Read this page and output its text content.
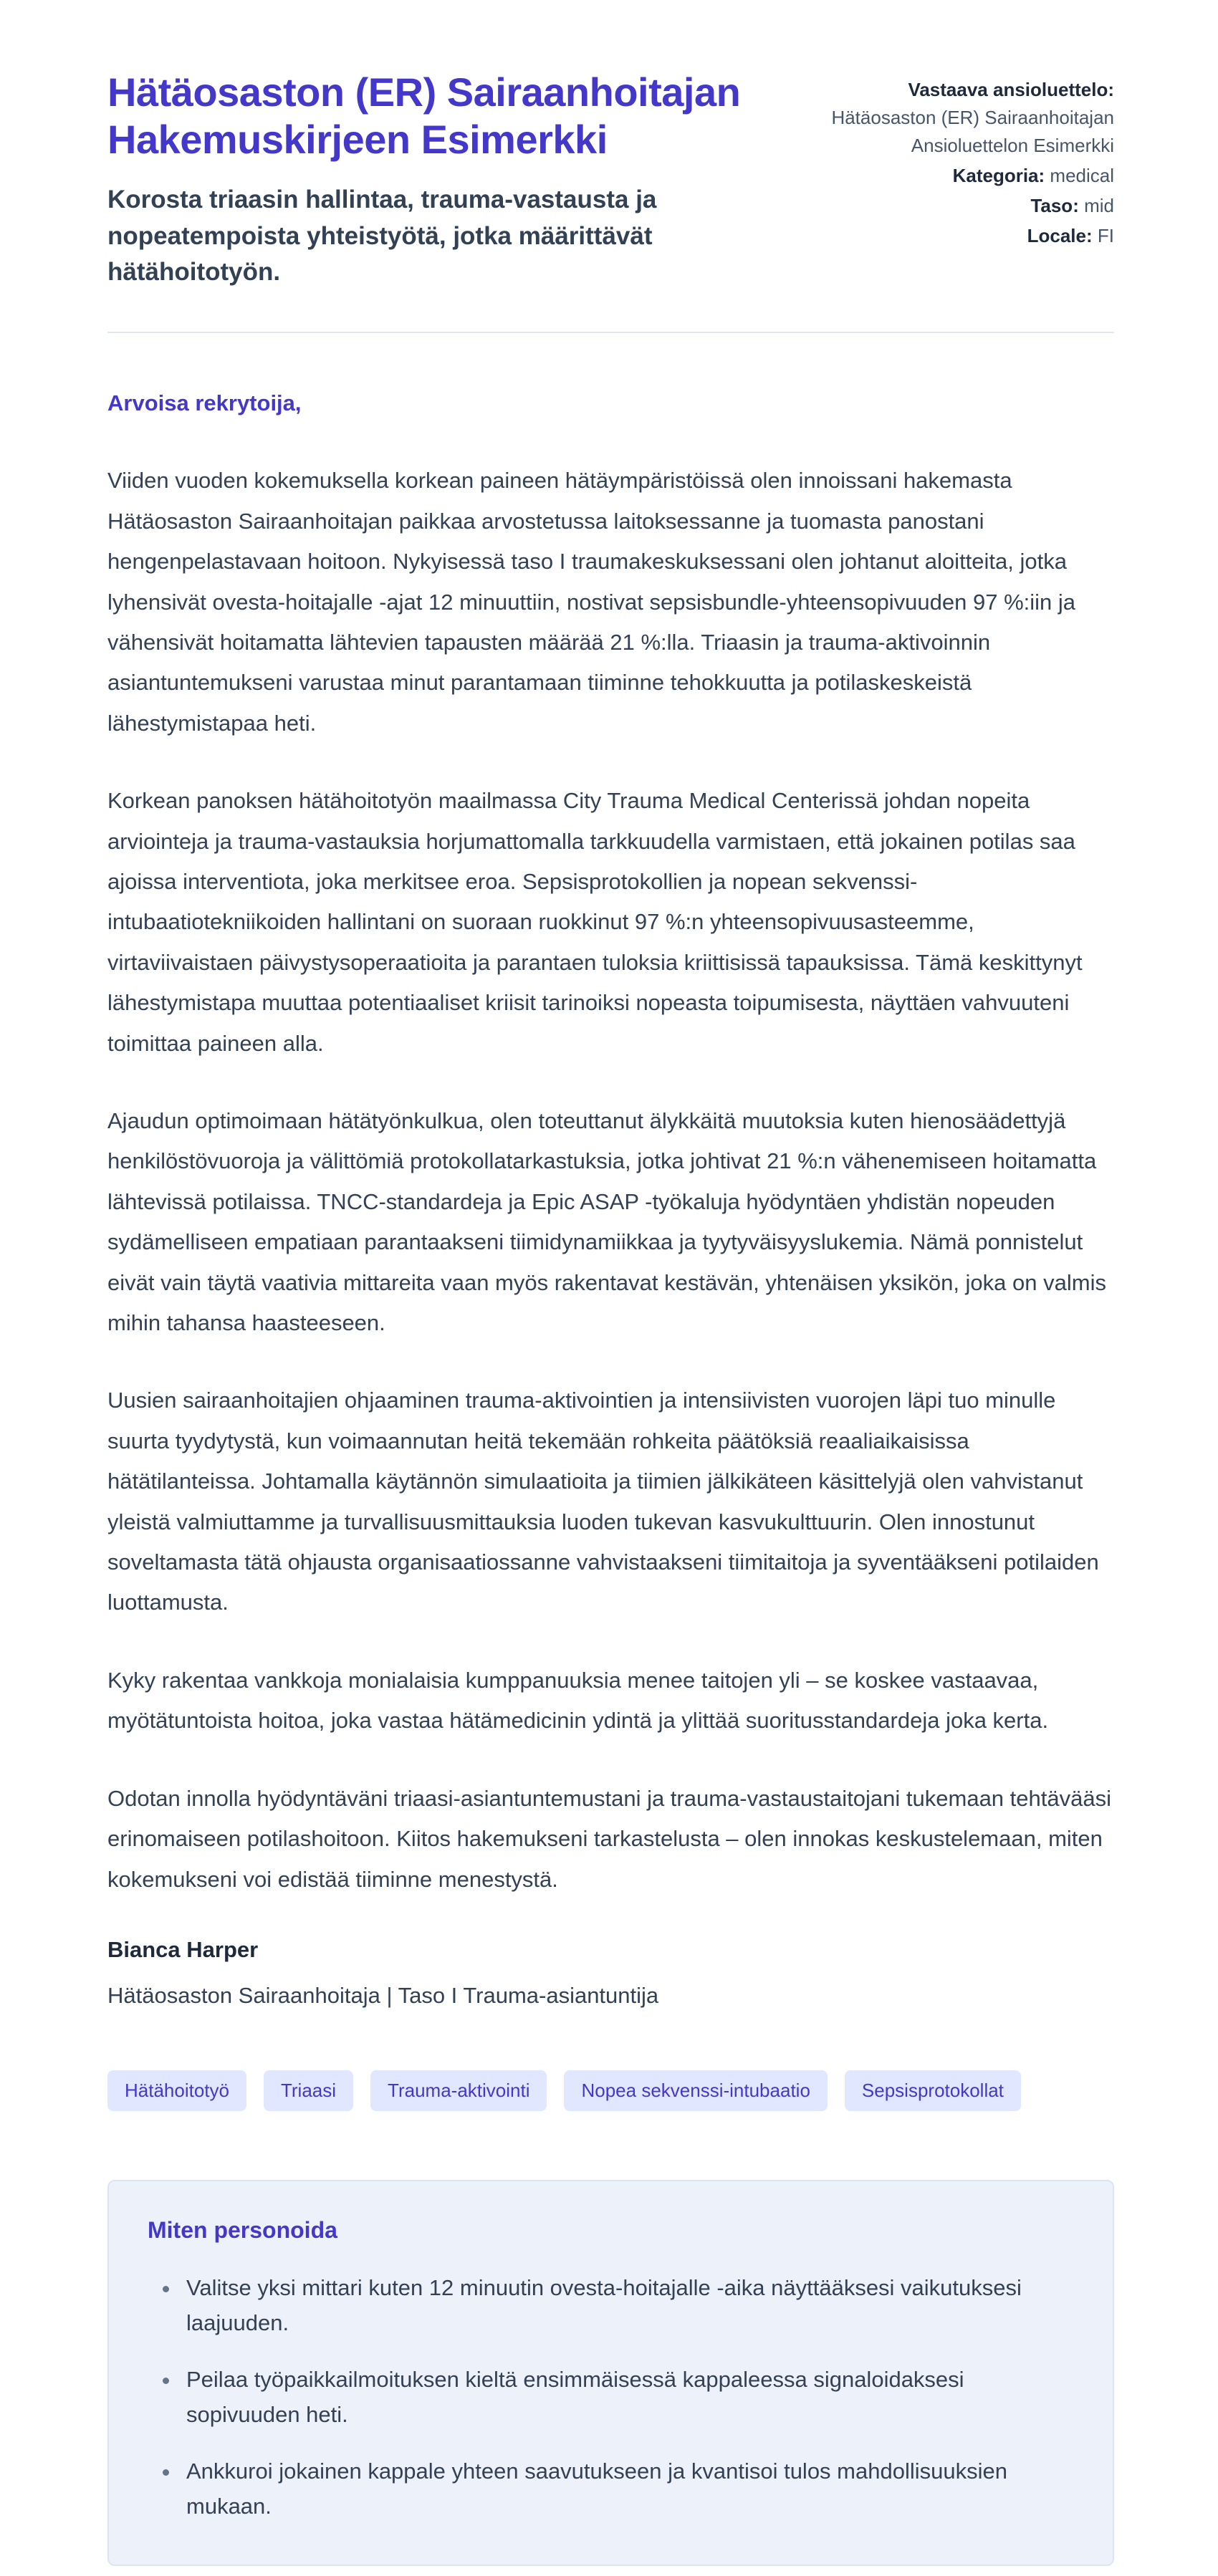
Hätäosaston (ER) Sairaanhoitajan Hakemuskirjeen Esimerkki

Korosta triaasin hallintaa, trauma-vastausta ja nopeatempoista yhteistyötä, jotka määrittävät hätähoitotyön.

Vastaava ansioluettelo: Hätäosaston (ER) Sairaanhoitajan Ansioluettelon Esimerkki
Kategoria: medical
Taso: mid
Locale: FI

Arvoisa rekrytoija,

Viiden vuoden kokemuksella korkean paineen hätäympäristöissä olen innoissani hakemasta Hätäosaston Sairaanhoitajan paikkaa arvostetussa laitoksessanne ja tuomasta panostani hengenpelastavaan hoitoon. Nykyisessä taso I traumakeskuksessani olen johtanut aloitteita, jotka lyhensivät ovesta-hoitajalle -ajat 12 minuuttiin, nostivat sepsisbundle-yhteensopivuuden 97 %:iin ja vähensivät hoitamatta lähtevien tapausten määrää 21 %:lla. Triaasin ja trauma-aktivoinnin asiantuntemukseni varustaa minut parantamaan tiiminne tehokkuutta ja potilaskeskeistä lähestymistapaa heti.

Korkean panoksen hätähoitotyön maailmassa City Trauma Medical Centerissä johdan nopeita arviointeja ja trauma-vastauksia horjumattomalla tarkkuudella varmistaen, että jokainen potilas saa ajoissa interventiota, joka merkitsee eroa. Sepsisprotokollien ja nopean sekvenssi-intubaatiotekniikoiden hallintani on suoraan ruokkinut 97 %:n yhteensopivuusasteemme, virtaviivaistaen päivystysoperaatioita ja parantaen tuloksia kriittisissä tapauksissa. Tämä keskittynyt lähestymistapa muuttaa potentiaaliset kriisit tarinoiksi nopeasta toipumisesta, näyttäen vahvuuteni toimittaa paineen alla.

Ajaudun optimoimaan hätätyönkulkua, olen toteuttanut älykkäitä muutoksia kuten hienosäädettyjä henkilöstövuoroja ja välittömiä protokollatarkastuksia, jotka johtivat 21 %:n vähenemiseen hoitamatta lähtevissä potilaissa. TNCC-standardeja ja Epic ASAP -työkaluja hyödyntäen yhdistän nopeuden sydämelliseen empatiaan parantaakseni tiimidynamiikkaa ja tyytyväisyyslukemia. Nämä ponnistelut eivät vain täytä vaativia mittareita vaan myös rakentavat kestävän, yhtenäisen yksikön, joka on valmis mihin tahansa haasteeseen.

Uusien sairaanhoitajien ohjaaminen trauma-aktivointien ja intensiivisten vuorojen läpi tuo minulle suurta tyydytystä, kun voimaannutan heitä tekemään rohkeita päätöksiä reaaliaikaisissa hätätilanteissa. Johtamalla käytännön simulaatioita ja tiimien jälkikäteen käsittelyjä olen vahvistanut yleistä valmiuttamme ja turvallisuusmittauksia luoden tukevan kasvukulttuurin. Olen innostunut soveltamasta tätä ohjausta organisaatiossanne vahvistaakseni tiimitaitoja ja syventääkseni potilaiden luottamusta.

Kyky rakentaa vankkoja monialaisia kumppanuuksia menee taitojen yli – se koskee vastaavaa, myötätuntoista hoitoa, joka vastaa hätämedicinin ydintä ja ylittää suoritusstandardeja joka kerta.

Odotan innolla hyödyntäväni triaasi-asiantuntemustani ja trauma-vastaustaitojani tukemaan tehtävääsi erinomaiseen potilashoitoon. Kiitos hakemukseni tarkastelusta – olen innokas keskustelemaan, miten kokemukseni voi edistää tiiminne menestystä.

Bianca Harper

Hätäosaston Sairaanhoitaja | Taso I Trauma-asiantuntija

Hätähoitotyö	Triaasi	Trauma-aktivointi	Nopea sekvenssi-intubaatio	Sepsisprotokollat

Miten personoida

• Valitse yksi mittari kuten 12 minuutin ovesta-hoitajalle -aika näyttääksesi vaikutuksesi laajuuden.
• Peilaa työpaikkailmoituksen kieltä ensimmäisessä kappaleessa signaloidaksesi sopivuuden heti.
• Ankkuroi jokainen kappale yhteen saavutukseen ja kvantisoi tulos mahdollisuuksien mukaan.
